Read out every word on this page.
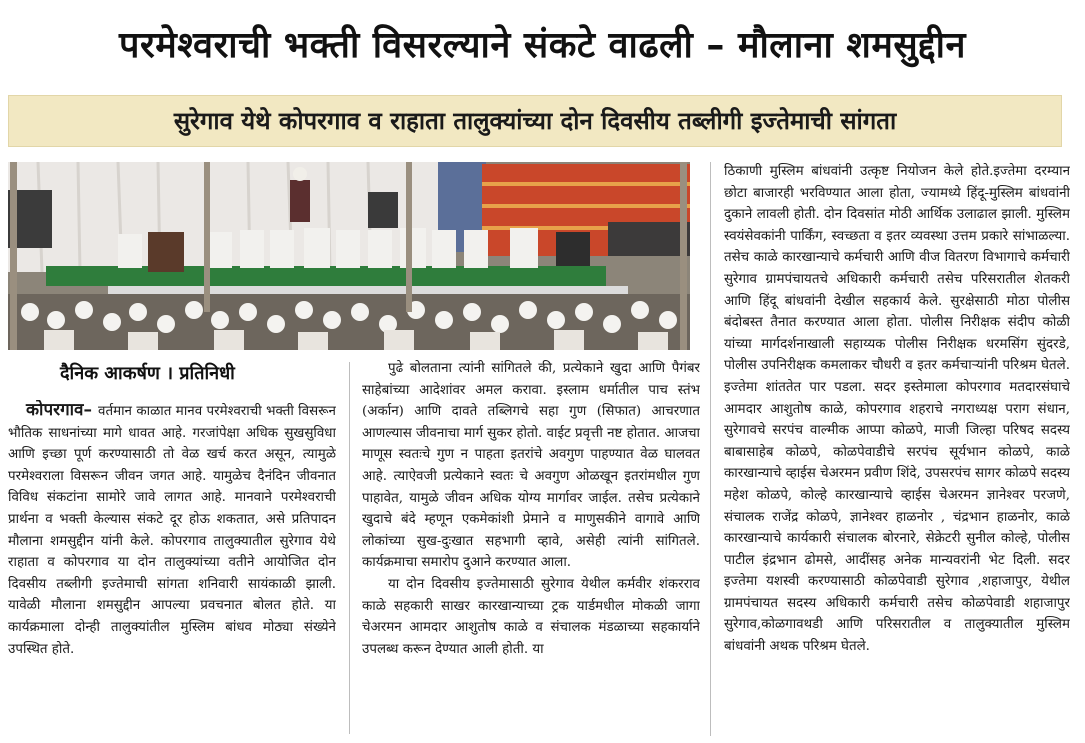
परमेश्वराची भक्ती विसरल्याने संकटे वाढली – मौलाना शमसुद्दीन
सुरेगाव येथे कोपरगाव व राहाता तालुक्यांच्या दोन दिवसीय तब्लीगी इज्तेमाची सांगता
दैनिक आकर्षण । प्रतिनिधी

कोपरगाव– वर्तमान काळात मानव परमेश्वराची भक्ती विसरून भौतिक साधनांच्या मागे धावत आहे. गरजांपेक्षा अधिक सुखसुविधा आणि इच्छा पूर्ण करण्यासाठी तो वेळ खर्च करत असून, त्यामुळे परमेश्वराला विसरून जीवन जगत आहे. यामुळेच दैनंदिन जीवनात विविध संकटांना सामोरे जावे लागत आहे. मानवाने परमेश्वराची प्रार्थना व भक्ती केल्यास संकटे दूर होऊ शकतात, असे प्रतिपादन मौलाना शमसुद्दीन यांनी केले. कोपरगाव तालुक्यातील सुरेगाव येथे राहाता व कोपरगाव या दोन तालुक्यांच्या वतीने आयोजित दोन दिवसीय तब्लीगी इज्तेमाची सांगता शनिवारी सायंकाळी झाली. यावेळी मौलाना शमसुद्दीन आपल्या प्रवचनात बोलत होते. या कार्यक्रमाला दोन्ही तालुक्यांतील मुस्लिम बांधव मोठ्या संख्येने उपस्थित होते.

पुढे बोलताना त्यांनी सांगितले की, प्रत्येकाने खुदा आणि पैगंबर साहेबांच्या आदेशांवर अमल करावा. इस्लाम धर्मातील पाच स्तंभ (अर्कान) आणि दावते तब्लिगचे सहा गुण (सिफात) आचरणात आणल्यास जीवनाचा मार्ग सुकर होतो. वाईट प्रवृत्ती नष्ट होतात. आजचा माणूस स्वतःचे गुण न पाहता इतरांचे अवगुण पाहण्यात वेळ घालवत आहे. त्याऐवजी प्रत्येकाने स्वतः चे अवगुण ओळखून इतरांमधील गुण पाहावेत, यामुळे जीवन अधिक योग्य मार्गावर जाईल. तसेच प्रत्येकाने खुदाचे बंदे म्हणून एकमेकांशी प्रेमाने व माणुसकीने वागावे आणि लोकांच्या सुख-दुःखात सहभागी व्हावे, असेही त्यांनी सांगितले. कार्यक्रमाचा समारोप दुआने करण्यात आला.
या दोन दिवसीय इज्तेमासाठी सुरेगाव येथील कर्मवीर शंकरराव काळे सहकारी साखर कारखान्याच्या ट्रक यार्डमधील मोकळी जागा चेअरमन आमदार आशुतोष काळे व संचालक मंडळाच्या सहकार्याने उपलब्ध करून देण्यात आली होती. या

ठिकाणी मुस्लिम बांधवांनी उत्कृष्ट नियोजन केले होते.इज्तेमा दरम्यान छोटा बाजारही भरविण्यात आला होता, ज्यामध्ये हिंदू-मुस्लिम बांधवांनी दुकाने लावली होती. दोन दिवसांत मोठी आर्थिक उलाढाल झाली. मुस्लिम स्वयंसेवकांनी पार्किंग, स्वच्छता व इतर व्यवस्था उत्तम प्रकारे सांभाळल्या. तसेच काळे कारखान्याचे कर्मचारी आणि वीज वितरण विभागाचे कर्मचारी सुरेगाव ग्रामपंचायतचे अधिकारी कर्मचारी तसेच परिसरातील शेतकरी आणि हिंदू बांधवांनी देखील सहकार्य केले. सुरक्षेसाठी मोठा पोलीस बंदोबस्त तैनात करण्यात आला होता. पोलीस निरीक्षक संदीप कोळी यांच्या मार्गदर्शनाखाली सहाय्यक पोलीस निरीक्षक धरमसिंग सुंदरडे, पोलीस उपनिरीक्षक कमलाकर चौधरी व इतर कर्मचाऱ्यांनी परिश्रम घेतले. इज्तेमा शांततेत पार पडला. सदर इस्तेमाला कोपरगाव मतदारसंघाचे आमदार आशुतोष काळे, कोपरगाव शहराचे नगराध्यक्ष पराग संधान, सुरेगावचे सरपंच वाल्मीक आप्पा कोळपे, माजी जिल्हा परिषद सदस्य बाबासाहेब कोळपे, कोळपेवाडीचे सरपंच सूर्यभान कोळपे, काळे कारखान्याचे व्हाईस चेअरमन प्रवीण शिंदे, उपसरपंच सागर कोळपे सदस्य महेश कोळपे, कोल्हे कारखान्याचे व्हाईस चेअरमन ज्ञानेश्वर परजणे, संचालक राजेंद्र कोळपे, ज्ञानेश्वर हाळनोर , चंद्रभान हाळनोर, काळे कारखान्याचे कार्यकारी संचालक बोरनारे, सेक्रेटरी सुनील कोल्हे, पोलीस पाटील इंद्रभान ढोमसे, आदींसह अनेक मान्यवरांनी भेट दिली. सदर इज्तेमा यशस्वी करण्यासाठी कोळपेवाडी सुरेगाव ,शहाजापुर, येथील ग्रामपंचायत सदस्य अधिकारी कर्मचारी तसेच कोळपेवाडी शहाजापुर सुरेगाव,कोळगावथडी आणि परिसरातील व तालुक्यातील मुस्लिम बांधवांनी अथक परिश्रम घेतले.
